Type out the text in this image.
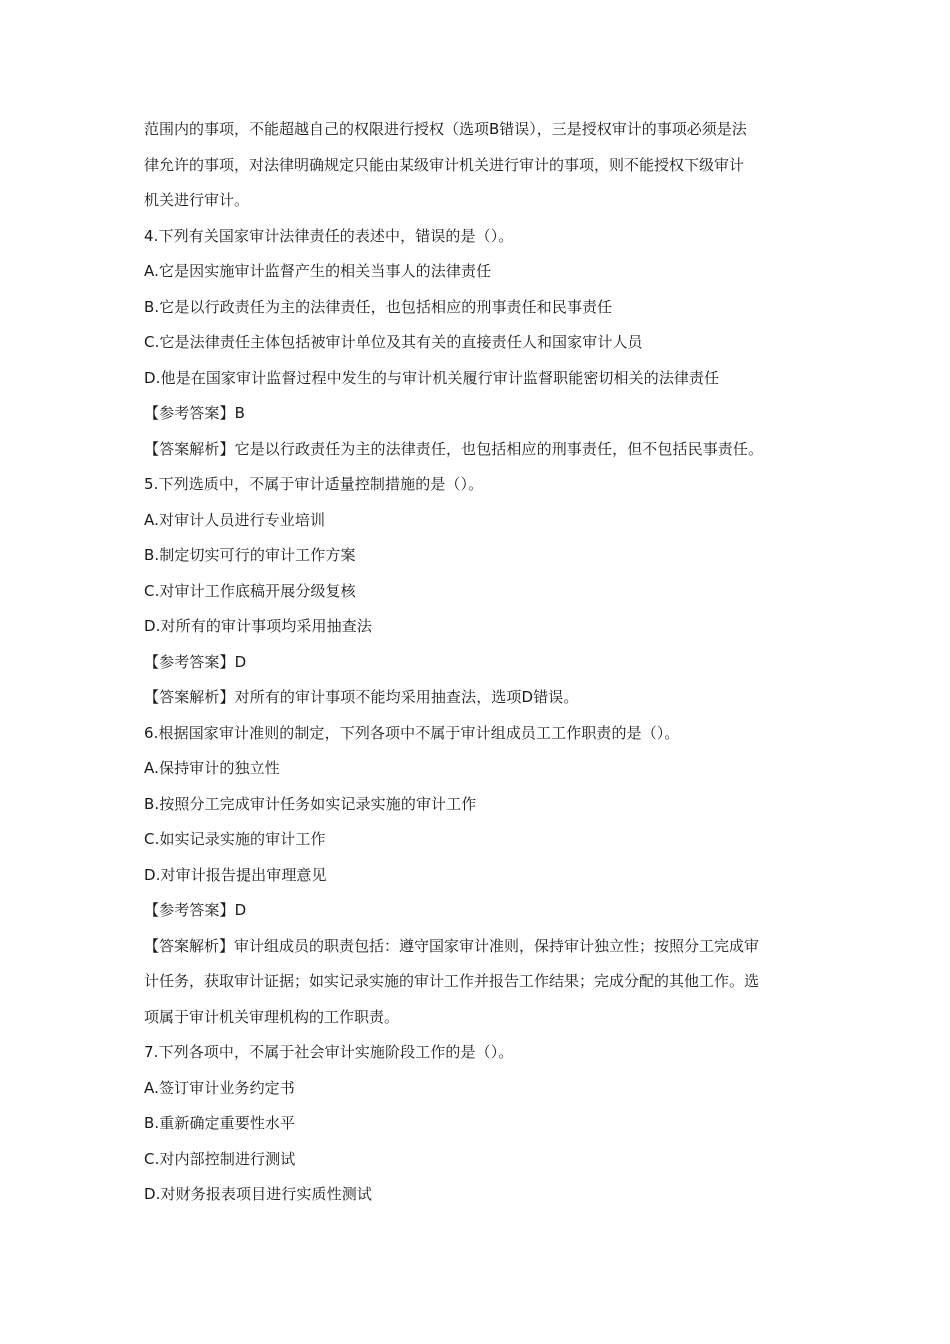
范围内的事项，不能超越自己的权限进行授权（选项B错误），三是授权审计的事项必须是法
律允许的事项，对法律明确规定只能由某级审计机关进行审计的事项，则不能授权下级审计
机关进行审计。
4.下列有关国家审计法律责任的表述中，错误的是（）。
A.它是因实施审计监督产生的相关当事人的法律责任
B.它是以行政责任为主的法律责任，也包括相应的刑事责任和民事责任
C.它是法律责任主体包括被审计单位及其有关的直接责任人和国家审计人员
D.他是在国家审计监督过程中发生的与审计机关履行审计监督职能密切相关的法律责任
【参考答案】B
【答案解析】它是以行政责任为主的法律责任，也包括相应的刑事责任，但不包括民事责任。
5.下列选质中，不属于审计适量控制措施的是（）。
A.对审计人员进行专业培训
B.制定切实可行的审计工作方案
C.对审计工作底稿开展分级复核
D.对所有的审计事项均采用抽查法
【参考答案】D
【答案解析】对所有的审计事项不能均采用抽查法，选项D错误。
6.根据国家审计准则的制定，下列各项中不属于审计组成员工工作职责的是（）。
A.保持审计的独立性
B.按照分工完成审计任务如实记录实施的审计工作
C.如实记录实施的审计工作
D.对审计报告提出审理意见
【参考答案】D
【答案解析】审计组成员的职责包括：遵守国家审计准则，保持审计独立性；按照分工完成审
计任务，获取审计证据；如实记录实施的审计工作并报告工作结果；完成分配的其他工作。选
项属于审计机关审理机构的工作职责。
7.下列各项中，不属于社会审计实施阶段工作的是（）。
A.签订审计业务约定书
B.重新确定重要性水平
C.对内部控制进行测试
D.对财务报表项目进行实质性测试
